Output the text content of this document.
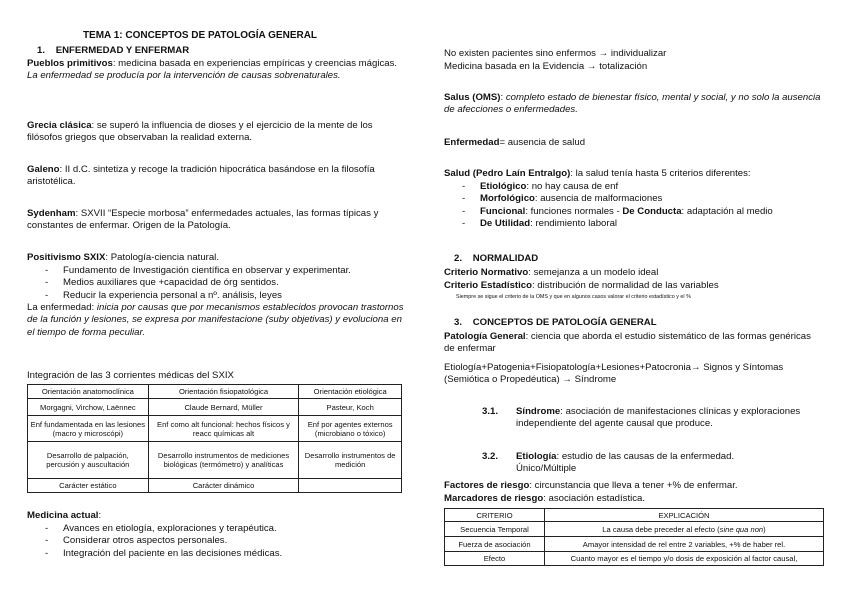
TEMA 1: CONCEPTOS DE PATOLOGÍA GENERAL

1. ENFERMEDAD Y ENFERMAR

Pueblos primitivos: medicina basada en experiencias empíricas y creencias mágicas. La enfermedad se producía por la intervención de causas sobrenaturales.

Grecia clásica: se superó la influencia de dioses y el ejercicio de la mente de los filósofos griegos que observaban la realidad externa.

Galeno: II d.C. sintetiza y recoge la tradición hipocrática basándose en la filosofía aristotélica.

Sydenham: SXVII “Especie morbosa” enfermedades actuales, las formas típicas y constantes de enfermar. Origen de la Patología.

Positivismo SXIX: Patología-ciencia natural.

- Fundamento de Investigación científica en observar y experimentar.
- Medios auxiliares que +capacidad de órg sentidos.
- Reducir la experiencia personal a nº. análisis, leyes

La enfermedad: inicia por causas que por mecanismos establecidos provocan trastornos de la función y lesiones, se expresa por manifestacione (suby objetivas) y evoluciona en el tiempo de forma peculiar.

Integración de las 3 corrientes médicas del SXIX

Orientación anatomoclínica	Orientación fisiopatológica	Orientación etiológica
Morgagni, Virchow, Laënnec	Claude Bernard, Müller	Pasteur, Koch
Enf fundamentada en las lesiones (macro y microscópi)	Enf como alt funcional: hechos físicos y reacc químicas alt	Enf por agentes externos (microbiano o tóxico)
Desarrollo de palpación, percusión y auscultación	Desarrollo instrumentos de mediciones biológicas (termómetro) y analíticas	Desarrollo instrumentos de medición
Carácter estático	Carácter dinámico	

Medicina actual:

- Avances en etiología, exploraciones y terapéutica.
- Considerar otros aspectos personales.
- Integración del paciente en las decisiones médicas.

No existen pacientes sino enfermos → individualizar

Medicina basada en la Evidencia → totalización

Salus (OMS): completo estado de bienestar físico, mental y social, y no solo la ausencia de afecciones o enfermedades.

Enfermedad= ausencia de salud

Salud (Pedro Laín Entralgo): la salud tenía hasta 5 criterios diferentes:

- Etiológico: no hay causa de enf
- Morfológico: ausencia de malformaciones
- Funcional: funciones normales - De Conducta: adaptación al medio
- De Utilidad: rendimiento laboral

2. NORMALIDAD

Criterio Normativo: semejanza a un modelo ideal

Criterio Estadístico: distribución de normalidad de las variables

Siempre se sigue el criterio de la OMS y que en algunos casos valorar el criterio estadístico y el %

3. CONCEPTOS DE PATOLOGÍA GENERAL

Patología General: ciencia que aborda el estudio sistemático de las formas genéricas de enfermar

Etiología+Patogenia+Fisiopatología+Lesiones+Patocronia→ Signos y Síntomas (Semiótica o Propedéutica) → Síndrome

3.1. Síndrome: asociación de manifestaciones clínicas y exploraciones independiente del agente causal que produce.

3.2. Etiología: estudio de las causas de la enfermedad. Único/Múltiple

Factores de riesgo: circunstancia que lleva a tener +% de enfermar.

Marcadores de riesgo: asociación estadística.

CRITERIO	EXPLICACIÓN
Secuencia Temporal	La causa debe preceder al efecto (sine qua non)
Fuerza de asociación	Amayor intensidad de rel entre 2 variables, +% de haber rel.
Efecto	Cuanto mayor es el tiempo y/o dosis de exposición al factor causal,
